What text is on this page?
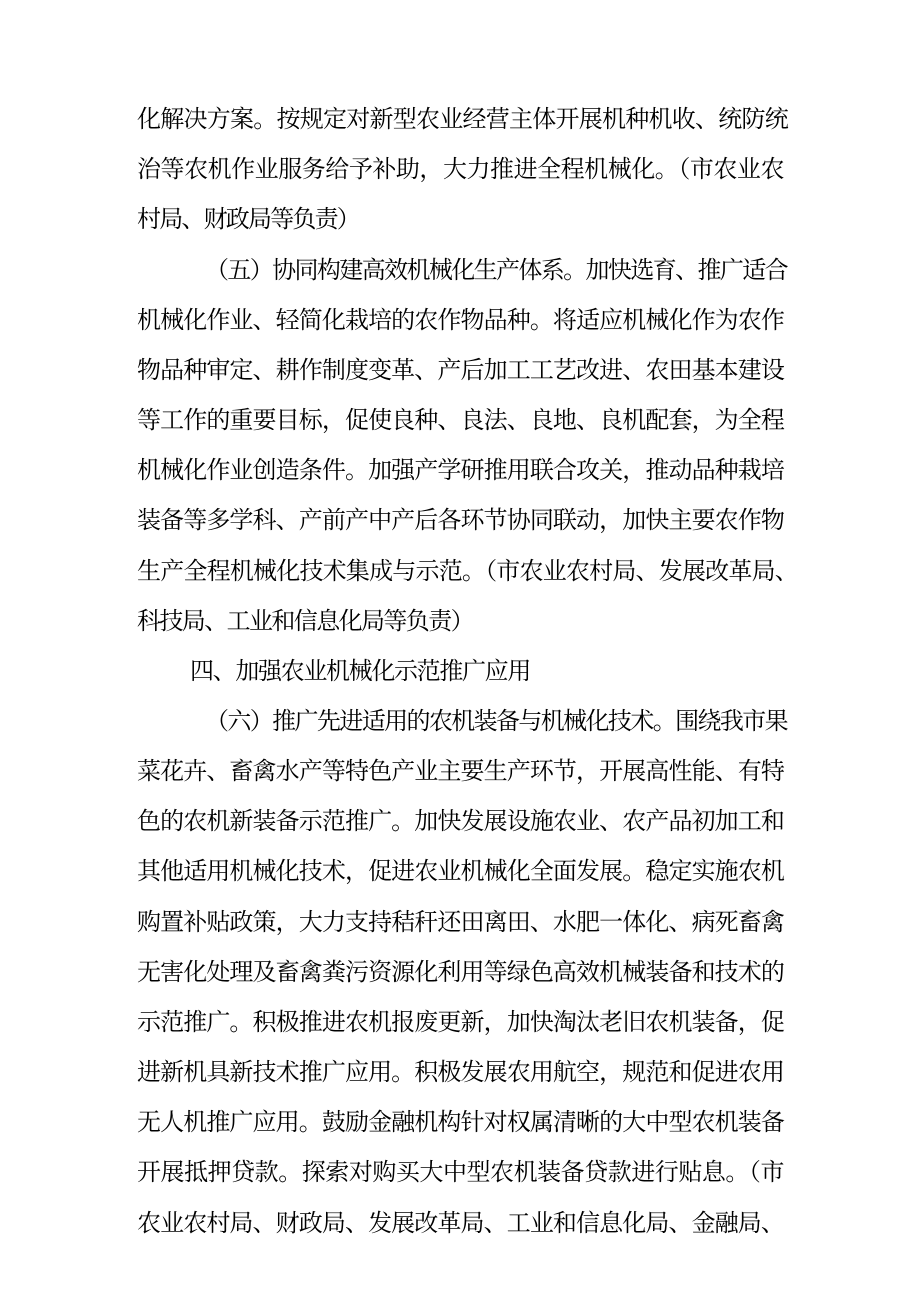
化解决方案。按规定对新型农业经营主体开展机种机收、统防统
治等农机作业服务给予补助，大力推进全程机械化。（市农业农
村局、财政局等负责）
（五）协同构建高效机械化生产体系。加快选育、推广适合
机械化作业、轻简化栽培的农作物品种。将适应机械化作为农作
物品种审定、耕作制度变革、产后加工工艺改进、农田基本建设
等工作的重要目标，促使良种、良法、良地、良机配套，为全程
机械化作业创造条件。加强产学研推用联合攻关，推动品种栽培
装备等多学科、产前产中产后各环节协同联动，加快主要农作物
生产全程机械化技术集成与示范。（市农业农村局、发展改革局、
科技局、工业和信息化局等负责）
四、加强农业机械化示范推广应用
（六）推广先进适用的农机装备与机械化技术。围绕我市果
菜花卉、畜禽水产等特色产业主要生产环节，开展高性能、有特
色的农机新装备示范推广。加快发展设施农业、农产品初加工和
其他适用机械化技术，促进农业机械化全面发展。稳定实施农机
购置补贴政策，大力支持秸秆还田离田、水肥一体化、病死畜禽
无害化处理及畜禽粪污资源化利用等绿色高效机械装备和技术的
示范推广。积极推进农机报废更新，加快淘汰老旧农机装备，促
进新机具新技术推广应用。积极发展农用航空，规范和促进农用
无人机推广应用。鼓励金融机构针对权属清晰的大中型农机装备
开展抵押贷款。探索对购买大中型农机装备贷款进行贴息。（市
农业农村局、财政局、发展改革局、工业和信息化局、金融局、
